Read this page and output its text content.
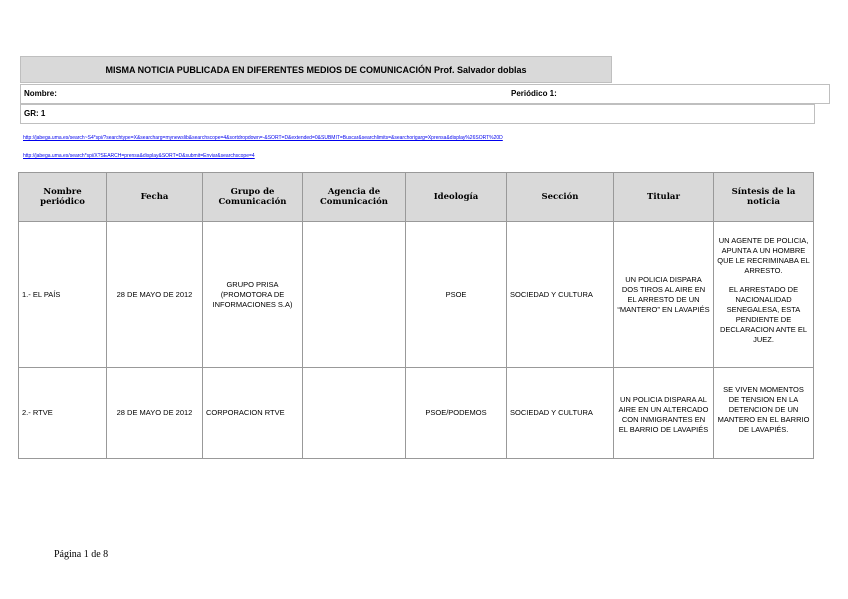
MISMA NOTICIA PUBLICADA EN DIFERENTES MEDIOS DE COMUNICACIÓN Prof. Salvador doblas
Nombre:	Periódico 1:
GR: 1
http://jabega.uma.es/search~S4*spi/?searchtype=X&searcharg=mynewslib&searchscope=4&sortdropdown=-&SORT=D&extended=0&SUBMIT=Buscar&searchlimits=&searchorigarg=Xprensa&display%26SORT%20D
http://jabega.uma.es/search*spi/X?SEARCH=prensa&display&SORT=D&submit=Enviar&searchscope=4
Nombre periódico	Fecha	Grupo de Comunicación	Agencia de Comunicación	Ideología	Sección	Titular	Síntesis de la noticia
1.- EL PAÍS	28 DE MAYO DE 2012	GRUPO PRISA (PROMOTORA DE INFORMACIONES S.A)		PSOE	SOCIEDAD Y CULTURA	UN POLICIA DISPARA DOS TIROS AL AIRE EN EL ARRESTO DE UN “MANTERO” EN LAVAPIÉS	UN AGENTE DE POLICIA, APUNTA A UN HOMBRE QUE LE RECRIMINABA EL ARRESTO.

EL ARRESTADO DE NACIONALIDAD SENEGALESA, ESTA PENDIENTE DE DECLARACION ANTE EL JUEZ.

2.- RTVE	28 DE MAYO DE 2012	CORPORACION RTVE		PSOE/PODEMOS	SOCIEDAD Y CULTURA	UN POLICIA DISPARA AL AIRE EN UN ALTERCADO CON INMIGRANTES EN EL BARRIO DE LAVAPIÉS	SE VIVEN MOMENTOS DE TENSION EN LA DETENCION DE UN MANTERO EN EL BARRIO DE LAVAPIÉS.

Página 1 de 8
